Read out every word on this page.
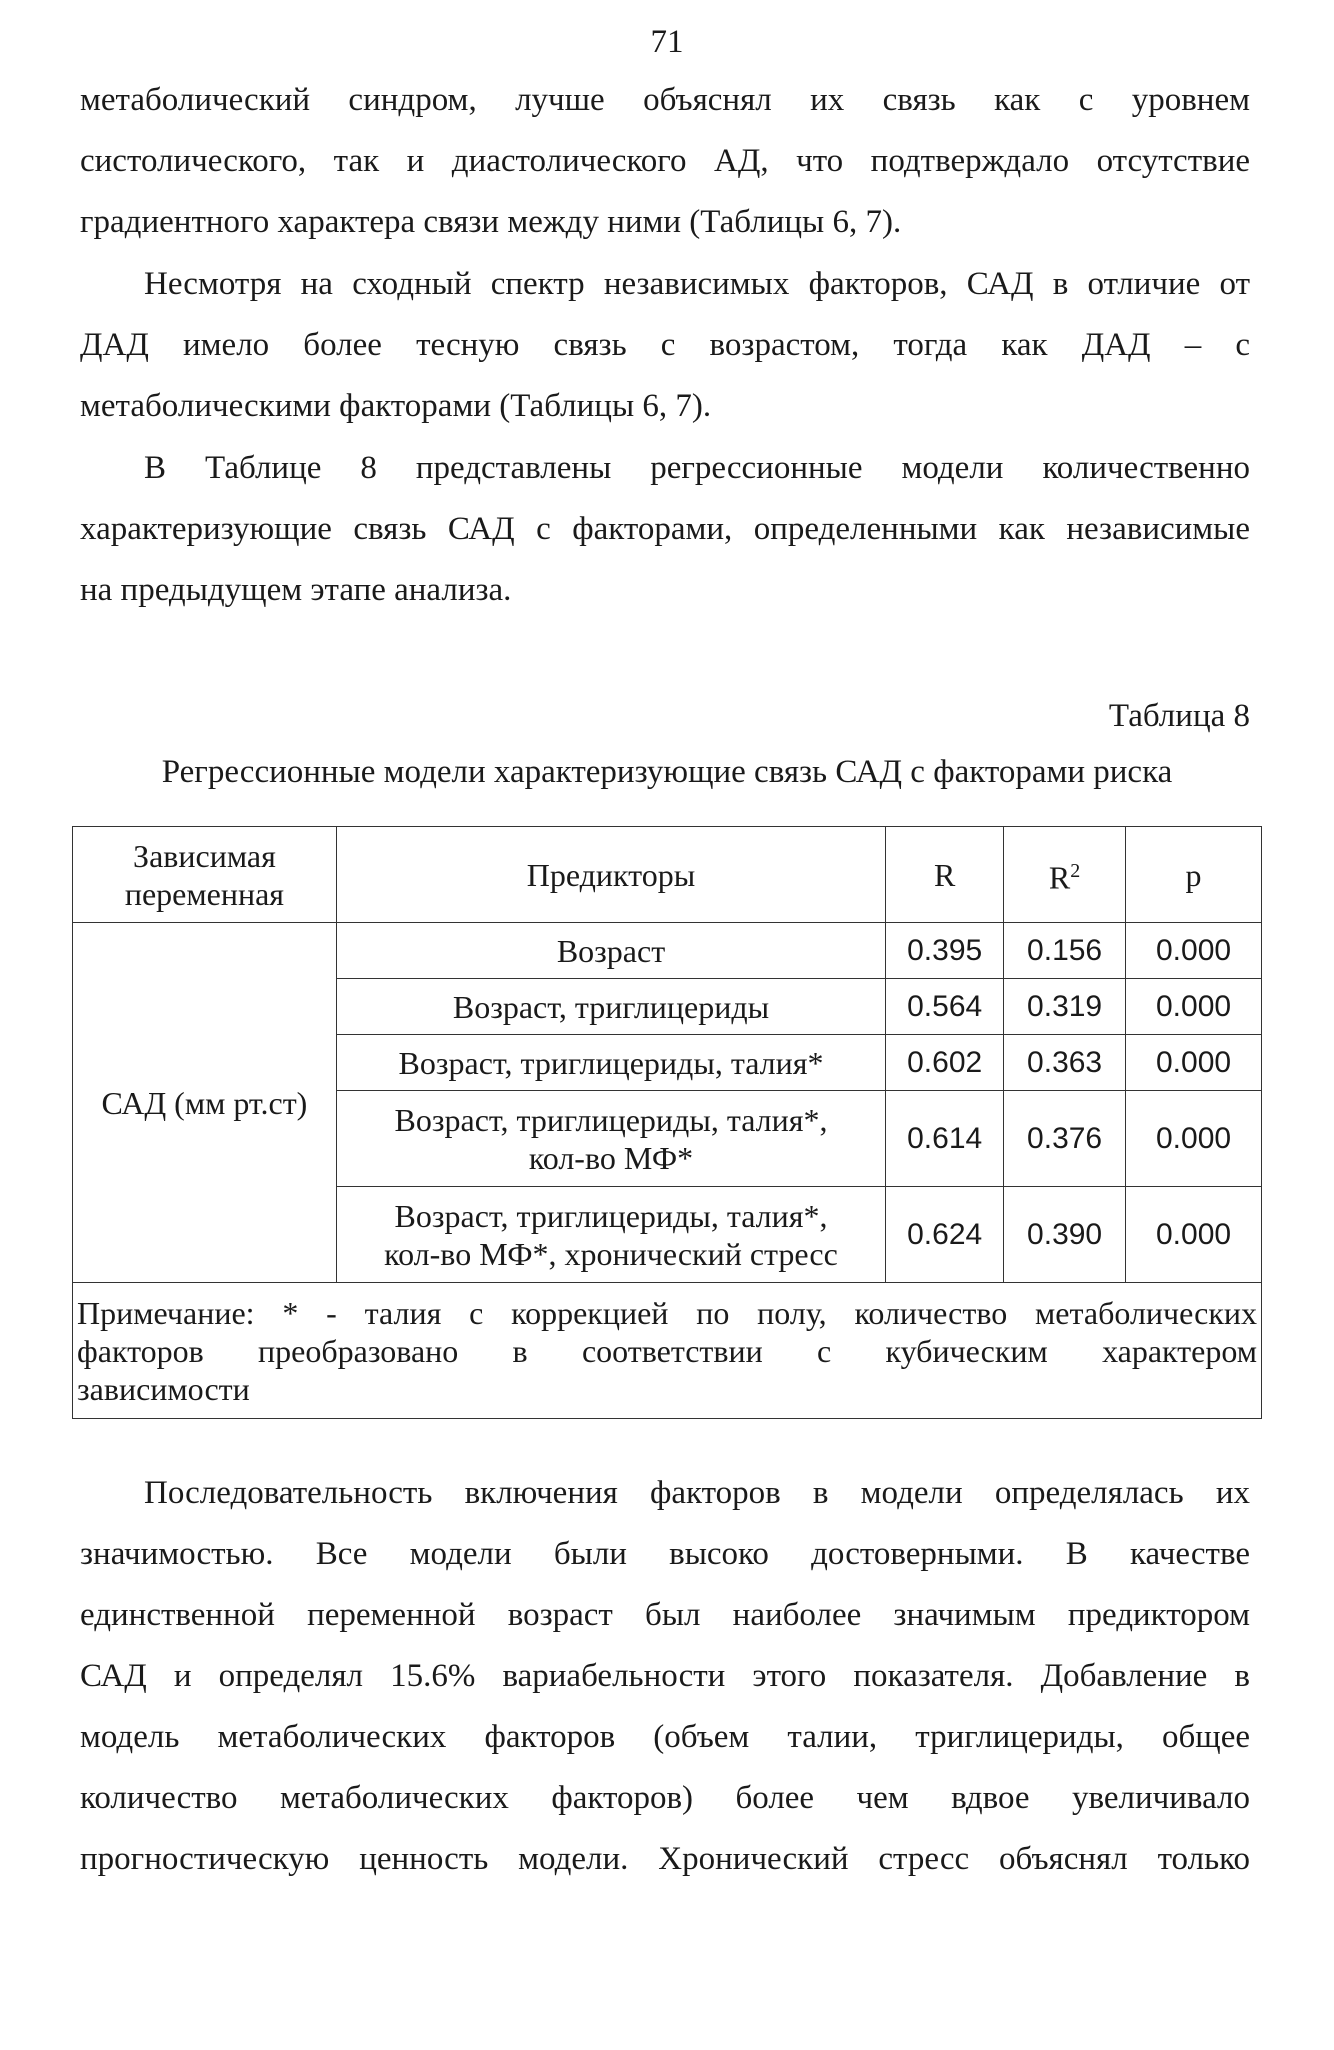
71

метаболический синдром, лучше объяснял их связь как с уровнем
систолического, так и диастолического АД, что подтверждало отсутствие
градиентного характера связи между ними (Таблицы 6, 7).

Несмотря на сходный спектр независимых факторов, САД в отличие от
ДАД имело более тесную связь с возрастом, тогда как ДАД – с
метаболическими факторами (Таблицы 6, 7).

В Таблице 8 представлены регрессионные модели количественно
характеризующие связь САД с факторами, определенными как независимые
на предыдущем этапе анализа.

Таблица 8
Регрессионные модели характеризующие связь САД с факторами риска
Зависимая
переменная	Предикторы	R	$R^2$	p
САД (мм рт.ст)	Возраст	0.395	0.156	0.000
	Возраст, триглицериды	0.564	0.319	0.000
	Возраст, триглицериды, талия*	0.602	0.363	0.000
	Возраст, триглицериды, талия*,
кол-во МФ*	0.614	0.376	0.000
	Возраст, триглицериды, талия*,
кол-во МФ*, хронический стресс	0.624	0.390	0.000

Примечание: * - талия с коррекцией по полу, количество метаболических
факторов преобразовано в соответствии с кубическим характером
зависимости				

Последовательность включения факторов в модели определялась их
значимостью. Все модели были высоко достоверными. В качестве
единственной переменной возраст был наиболее значимым предиктором
САД и определял 15.6% вариабельности этого показателя. Добавление в
модель метаболических факторов (объем талии, триглицериды, общее
количество метаболических факторов) более чем вдвое увеличивало
прогностическую ценность модели. Хронический стресс объяснял только
